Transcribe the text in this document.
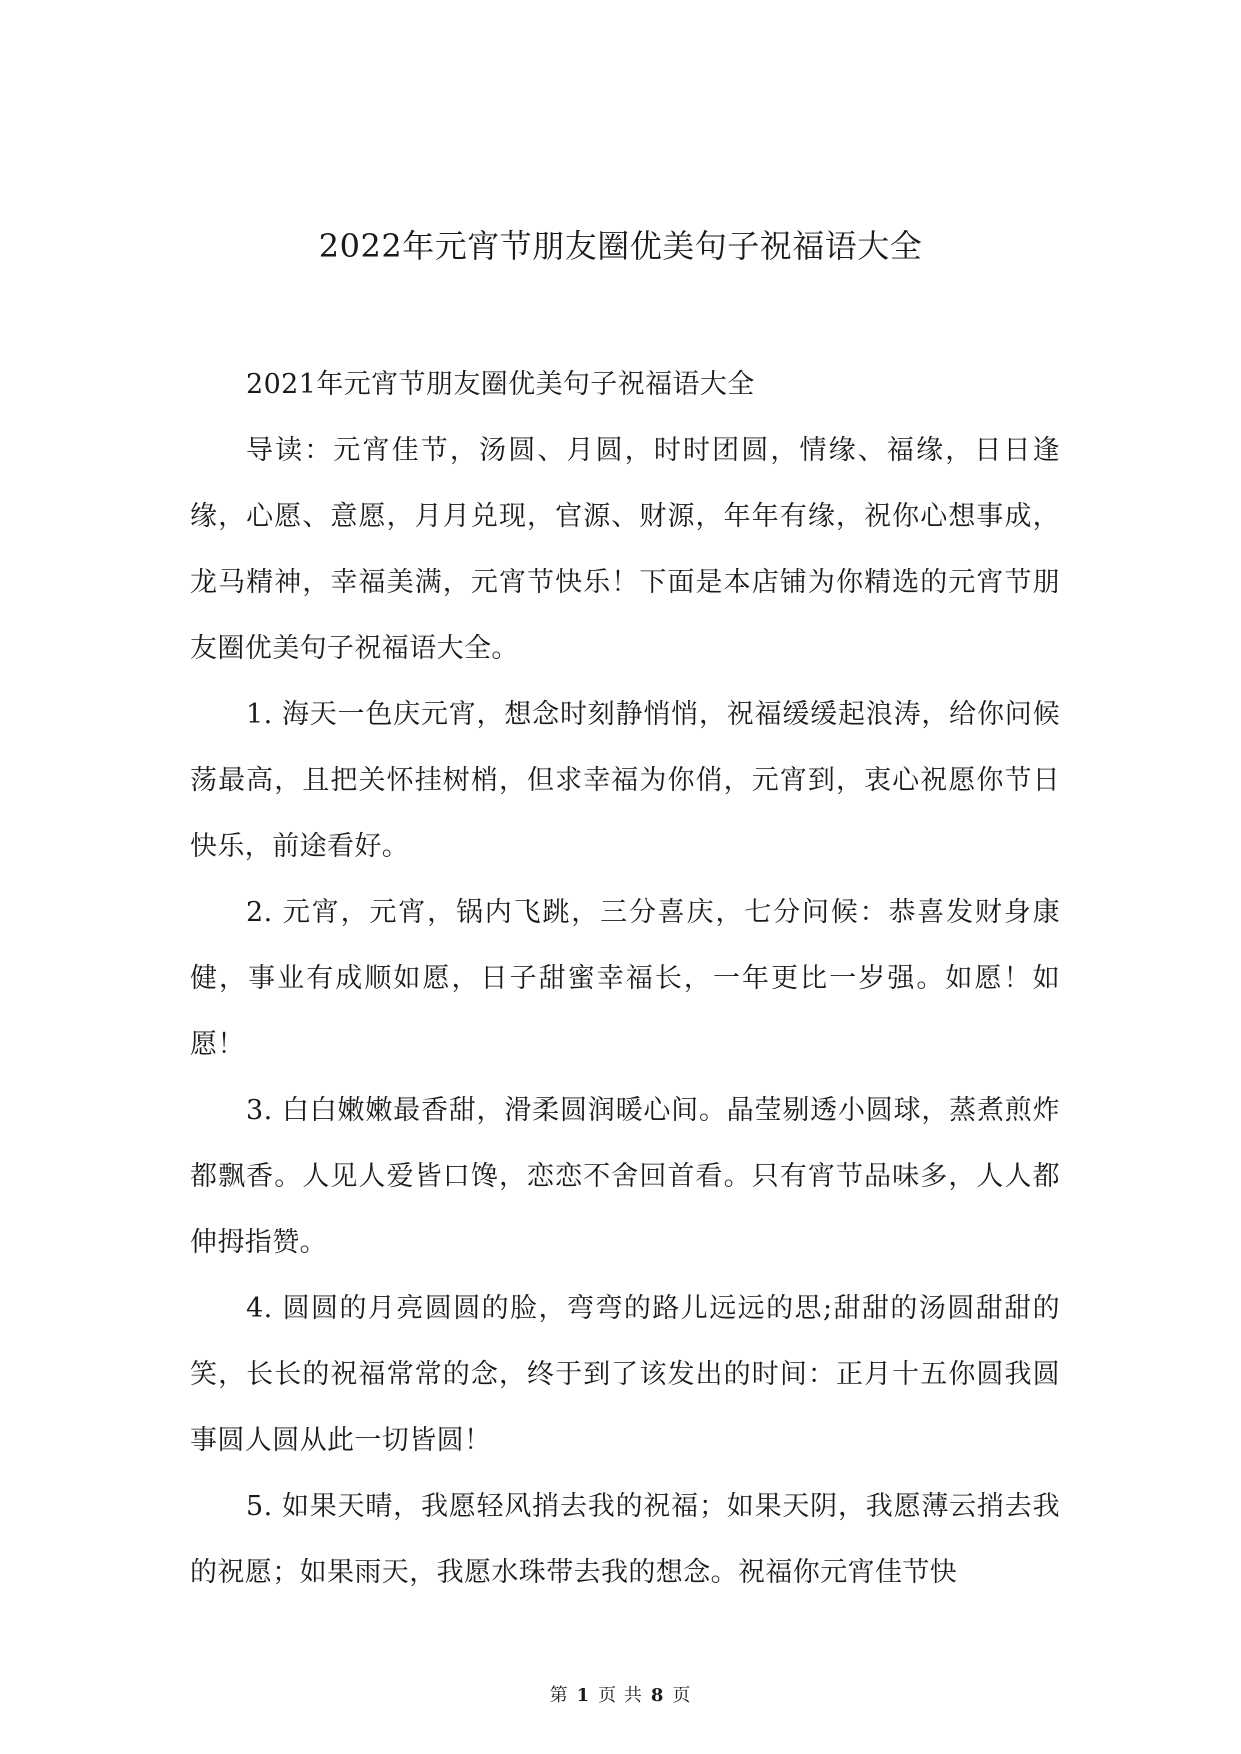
2022年元宵节朋友圈优美句子祝福语大全

2021年元宵节朋友圈优美句子祝福语大全

导读：元宵佳节，汤圆、月圆，时时团圆，情缘、福缘，日日逢缘，心愿、意愿，月月兑现，官源、财源，年年有缘，祝你心想事成，龙马精神，幸福美满，元宵节快乐！下面是本店铺为你精选的元宵节朋友圈优美句子祝福语大全。

1. 海天一色庆元宵，想念时刻静悄悄，祝福缓缓起浪涛，给你问候荡最高，且把关怀挂树梢，但求幸福为你俏，元宵到，衷心祝愿你节日快乐，前途看好。

2. 元宵，元宵，锅内飞跳，三分喜庆，七分问候：恭喜发财身康健，事业有成顺如愿，日子甜蜜幸福长，一年更比一岁强。如愿！如愿！

3. 白白嫩嫩最香甜，滑柔圆润暖心间。晶莹剔透小圆球，蒸煮煎炸都飘香。人见人爱皆口馋，恋恋不舍回首看。只有宵节品味多，人人都伸拇指赞。

4. 圆圆的月亮圆圆的脸，弯弯的路儿远远的思;甜甜的汤圆甜甜的笑，长长的祝福常常的念，终于到了该发出的时间：正月十五你圆我圆事圆人圆从此一切皆圆！

5. 如果天晴，我愿轻风捎去我的祝福；如果天阴，我愿薄云捎去我的祝愿；如果雨天，我愿水珠带去我的想念。祝福你元宵佳节快

第 1 页 共 8 页
